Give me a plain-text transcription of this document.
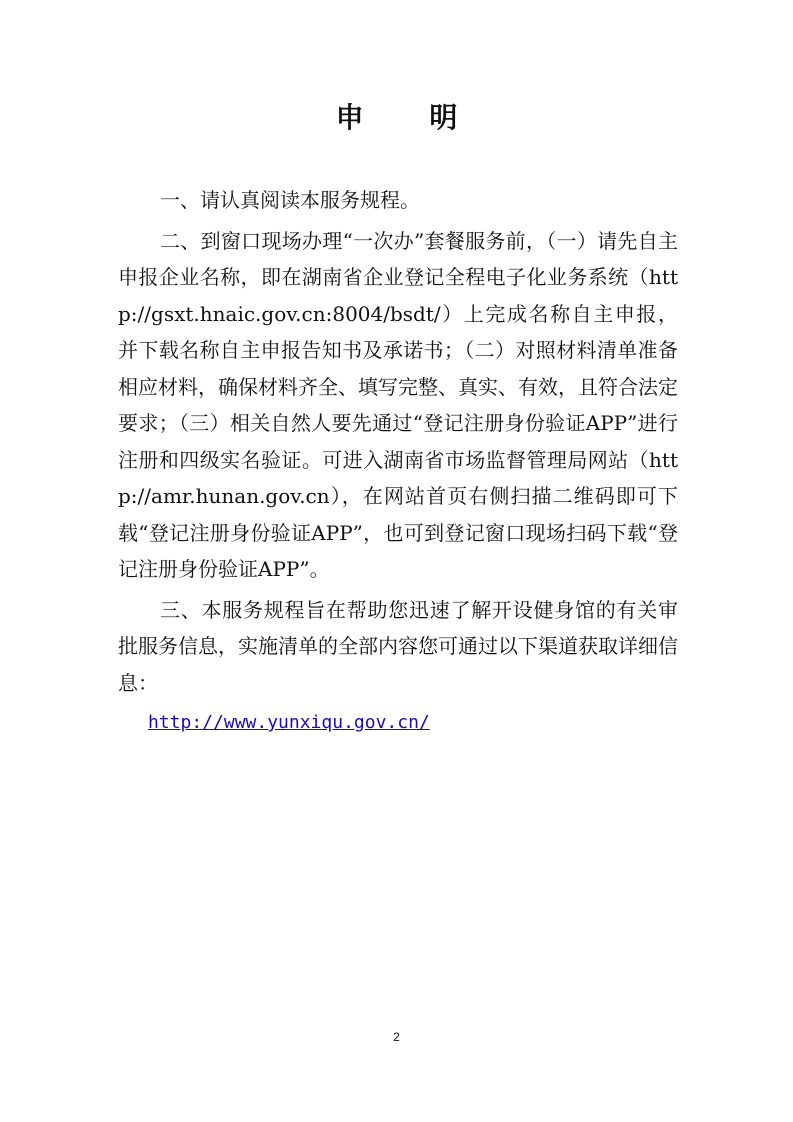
申 明

一、请认真阅读本服务规程。

二、到窗口现场办理“一次办”套餐服务前，（一）请先自主申报企业名称，即在湖南省企业登记全程电子化业务系统（http://gsxt.hnaic.gov.cn:8004/bsdt/）上完成名称自主申报，并下载名称自主申报告知书及承诺书；（二）对照材料清单准备相应材料，确保材料齐全、填写完整、真实、有效，且符合法定要求；（三）相关自然人要先通过“登记注册身份验证APP”进行注册和四级实名验证。可进入湖南省市场监督管理局网站（http://amr.hunan.gov.cn），在网站首页右侧扫描二维码即可下载“登记注册身份验证APP”，也可到登记窗口现场扫码下载“登记注册身份验证APP”。

三、本服务规程旨在帮助您迅速了解开设健身馆的有关审批服务信息，实施清单的全部内容您可通过以下渠道获取详细信息：

http://www.yunxiqu.gov.cn/

2
